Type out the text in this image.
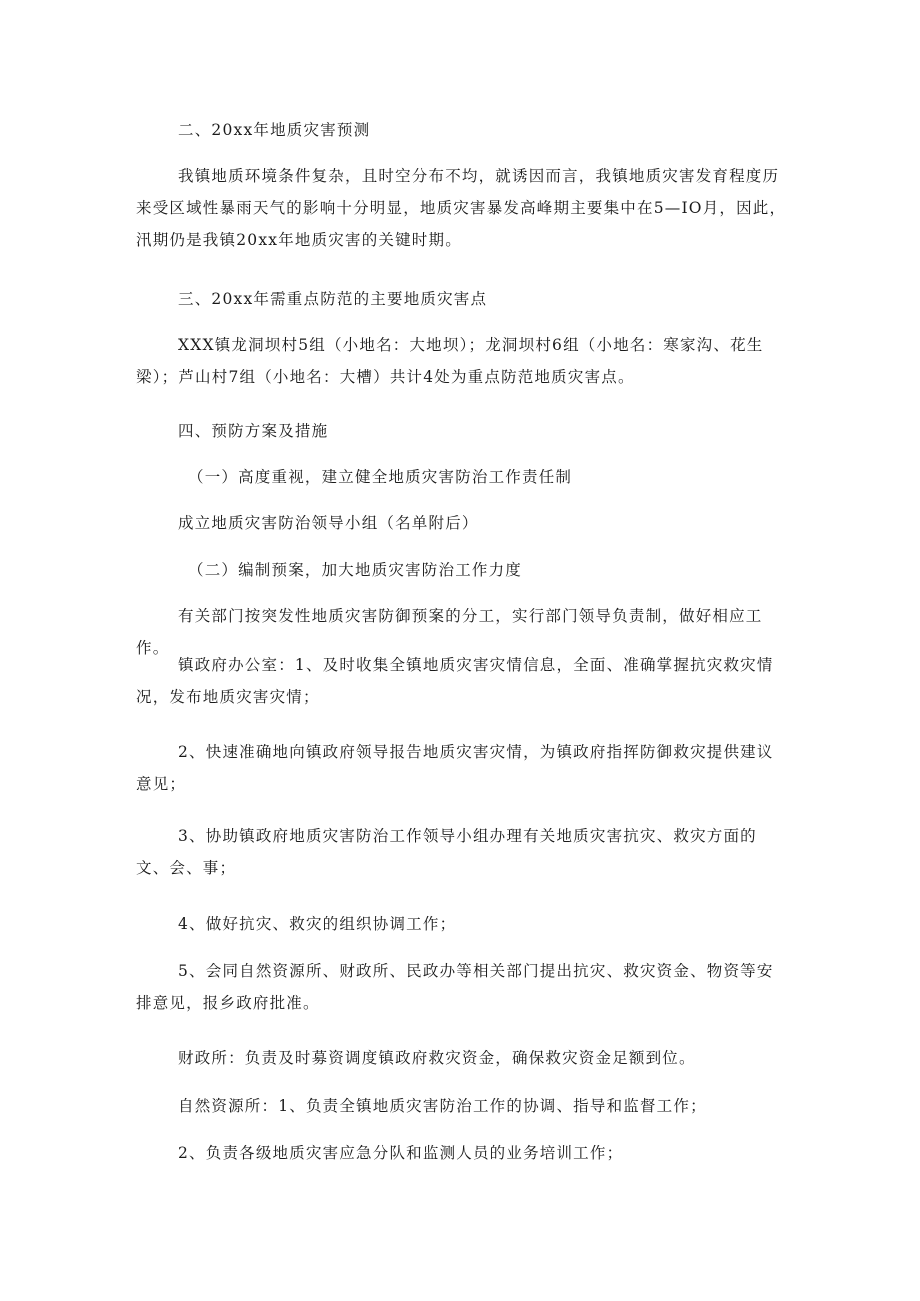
二、20xx年地质灾害预测
我镇地质环境条件复杂，且时空分布不均，就诱因而言，我镇地质灾害发育程度历来受区域性暴雨天气的影响十分明显，地质灾害暴发高峰期主要集中在5—IO月，因此，汛期仍是我镇20xx年地质灾害的关键时期。
三、20xx年需重点防范的主要地质灾害点
XXX镇龙洞坝村5组（小地名：大地坝）；龙洞坝村6组（小地名：寒家沟、花生梁）；芦山村7组（小地名：大槽）共计4处为重点防范地质灾害点。
四、预防方案及措施
（一）高度重视，建立健全地质灾害防治工作责任制
成立地质灾害防治领导小组（名单附后）
（二）编制预案，加大地质灾害防治工作力度
有关部门按突发性地质灾害防御预案的分工，实行部门领导负责制，做好相应工作。
镇政府办公室：1、及时收集全镇地质灾害灾情信息，全面、准确掌握抗灾救灾情况，发布地质灾害灾情；
2、快速准确地向镇政府领导报告地质灾害灾情，为镇政府指挥防御救灾提供建议意见；
3、协助镇政府地质灾害防治工作领导小组办理有关地质灾害抗灾、救灾方面的文、会、事；
4、做好抗灾、救灾的组织协调工作；
5、会同自然资源所、财政所、民政办等相关部门提出抗灾、救灾资金、物资等安排意见，报乡政府批准。
财政所：负责及时募资调度镇政府救灾资金，确保救灾资金足额到位。
自然资源所：1、负责全镇地质灾害防治工作的协调、指导和监督工作；
2、负责各级地质灾害应急分队和监测人员的业务培训工作；
